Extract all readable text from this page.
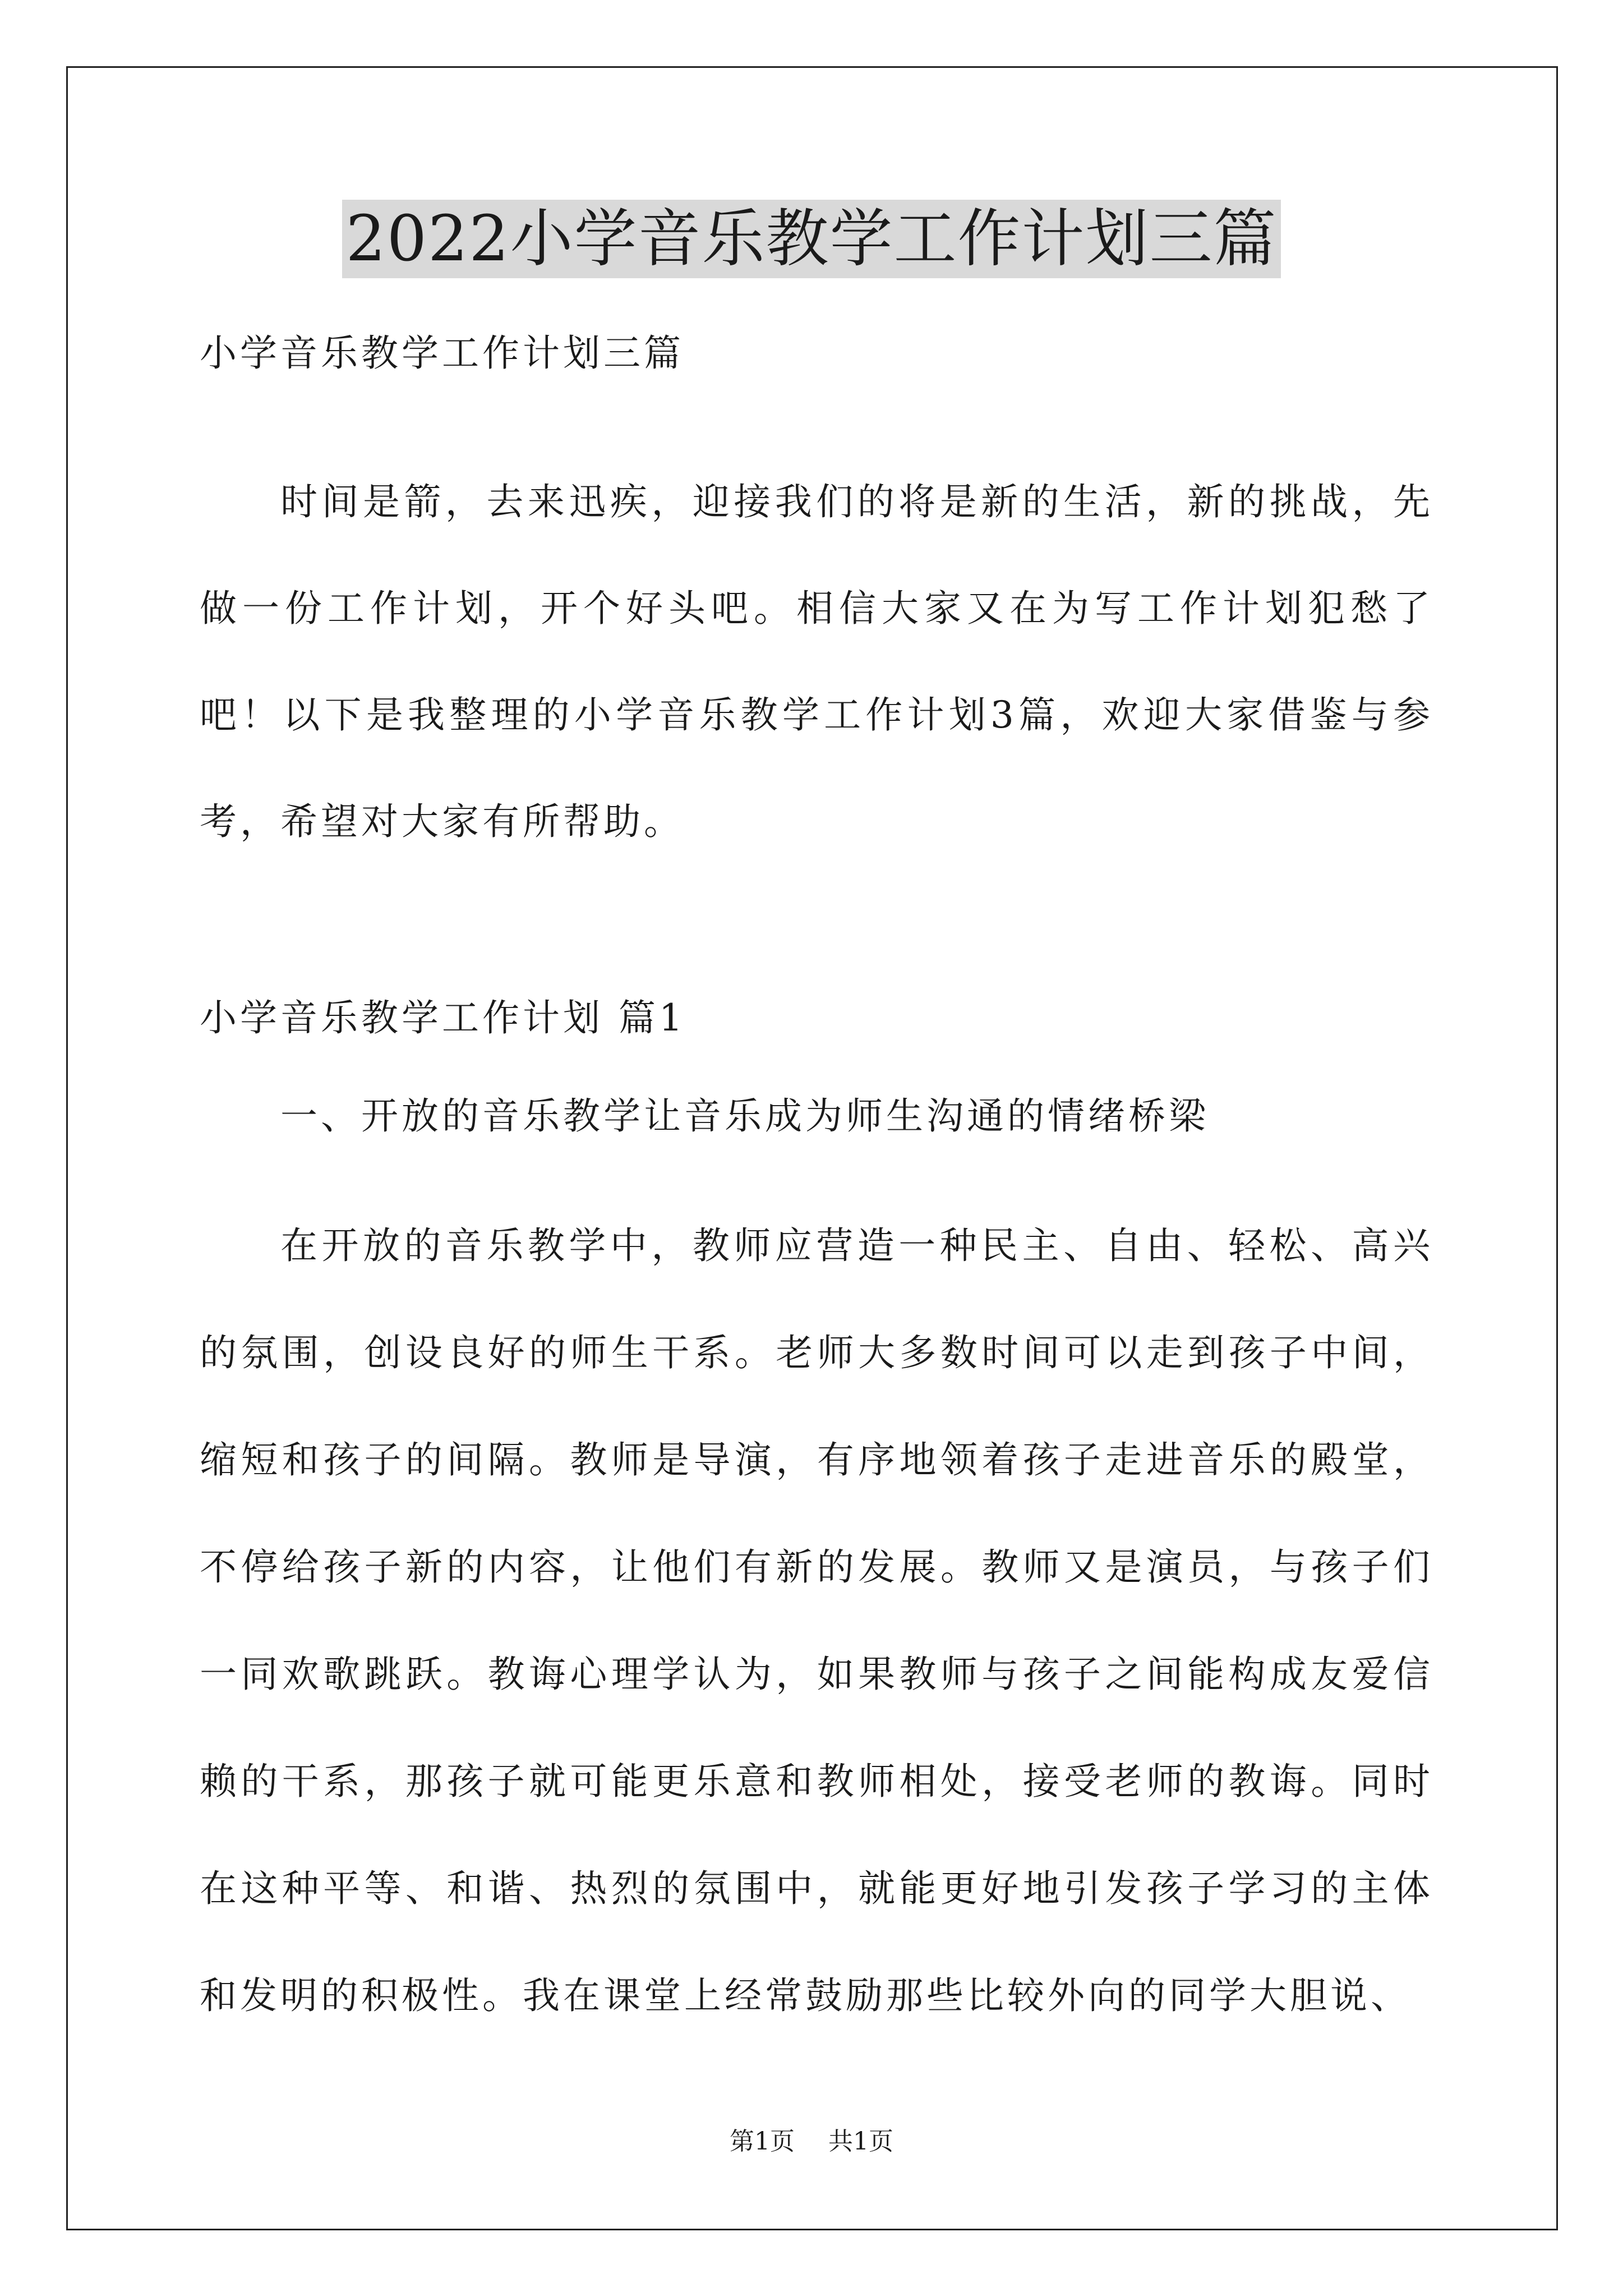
2022小学音乐教学工作计划三篇

小学音乐教学工作计划三篇

时间是箭，去来迅疾，迎接我们的将是新的生活，新的挑战，先做一份工作计划，开个好头吧。相信大家又在为写工作计划犯愁了吧！以下是我整理的小学音乐教学工作计划3篇，欢迎大家借鉴与参考，希望对大家有所帮助。

小学音乐教学工作计划 篇1

一、开放的音乐教学让音乐成为师生沟通的情绪桥梁

在开放的音乐教学中，教师应营造一种民主、自由、轻松、高兴的氛围，创设良好的师生干系。老师大多数时间可以走到孩子中间，缩短和孩子的间隔。教师是导演，有序地领着孩子走进音乐的殿堂，不停给孩子新的内容，让他们有新的发展。教师又是演员，与孩子们一同欢歌跳跃。教诲心理学认为，如果教师与孩子之间能构成友爱信赖的干系，那孩子就可能更乐意和教师相处，接受老师的教诲。同时在这种平等、和谐、热烈的氛围中，就能更好地引发孩子学习的主体和发明的积极性。我在课堂上经常鼓励那些比较外向的同学大胆说、

第1页 共1页
